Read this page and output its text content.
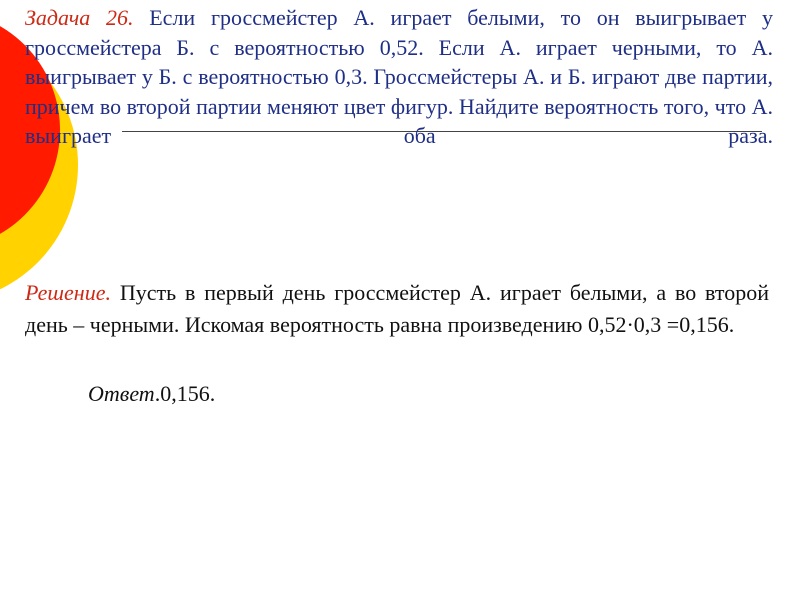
Задача 26. Если гроссмейстер А. играет белыми, то он выигрывает у гроссмейстера Б. с вероятностью 0,52. Если А. играет черными, то А. выигрывает у Б. с вероятностью 0,3. Гроссмейстеры А. и Б. играют две партии, причем во второй партии меняют цвет фигур. Найдите вероятность того, что А. выиграет оба раза.

Решение. Пусть в первый день гроссмейстер А. играет белыми, а во второй день – черными. Искомая вероятность равна произведению 0,52·0,3 =0,156.

Ответ.0,156.
